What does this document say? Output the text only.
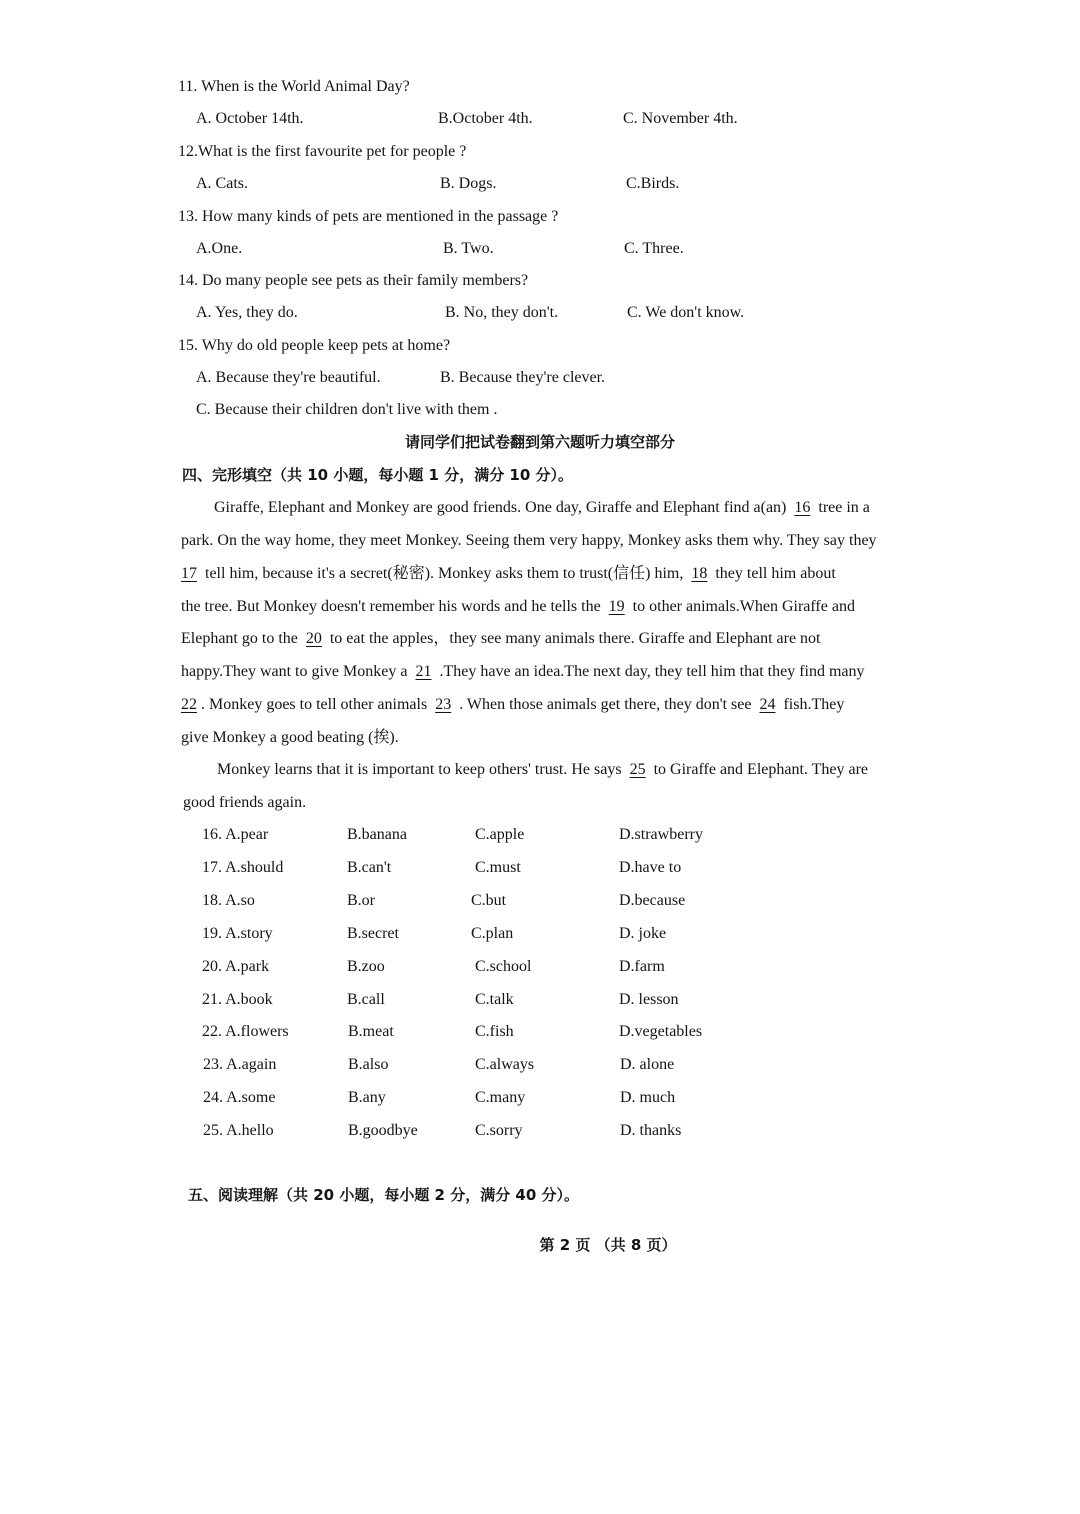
11. When is the World Animal Day?
A. October 14th.	B.October 4th.	C. November 4th.
12.What is the first favourite pet for people ?
A. Cats.	B. Dogs.	C.Birds.
13. How many kinds of pets are mentioned in the passage ?
A.One.	B. Two.	C. Three.
14. Do many people see pets as their family members?
A. Yes, they do.	B. No, they don't.	C. We don't know.
15. Why do old people keep pets at home?
A. Because they're beautiful.	B. Because they're clever.
C. Because their children don't live with them .
请同学们把试卷翻到第六题听力填空部分
四、完形填空（共 10 小题，每小题 1 分，满分 10 分）。
Giraffe, Elephant and Monkey are good friends. One day, Giraffe and Elephant find a(an) 16 tree in a
park. On the way home, they meet Monkey. Seeing them very happy, Monkey asks them why. They say they
17 tell him, because it's a secret(秘密). Monkey asks them to trust(信任) him, 18 they tell him about
the tree. But Monkey doesn't remember his words and he tells the 19 to other animals.When Giraffe and
Elephant go to the 20 to eat the apples，they see many animals there. Giraffe and Elephant are not
happy.They want to give Monkey a 21 .They have an idea.The next day, they tell him that they find many
22 . Monkey goes to tell other animals 23 . When those animals get there, they don't see 24 fish.They
give Monkey a good beating (挨).
Monkey learns that it is important to keep others' trust. He says 25 to Giraffe and Elephant. They are
good friends again.
16. A.pear	B.banana	C.apple	D.strawberry
17. A.should	B.can't	C.must	D.have to
18. A.so	B.or	C.but	D.because
19. A.story	B.secret	C.plan	D. joke
20. A.park	B.zoo	C.school	D.farm
21. A.book	B.call	C.talk	D. lesson
22. A.flowers	B.meat	C.fish	D.vegetables
23. A.again	B.also	C.always	D. alone
24. A.some	B.any	C.many	D. much
25. A.hello	B.goodbye	C.sorry	D. thanks
五、阅读理解（共 20 小题，每小题 2 分，满分 40 分）。
第 2 页 （共 8 页）
